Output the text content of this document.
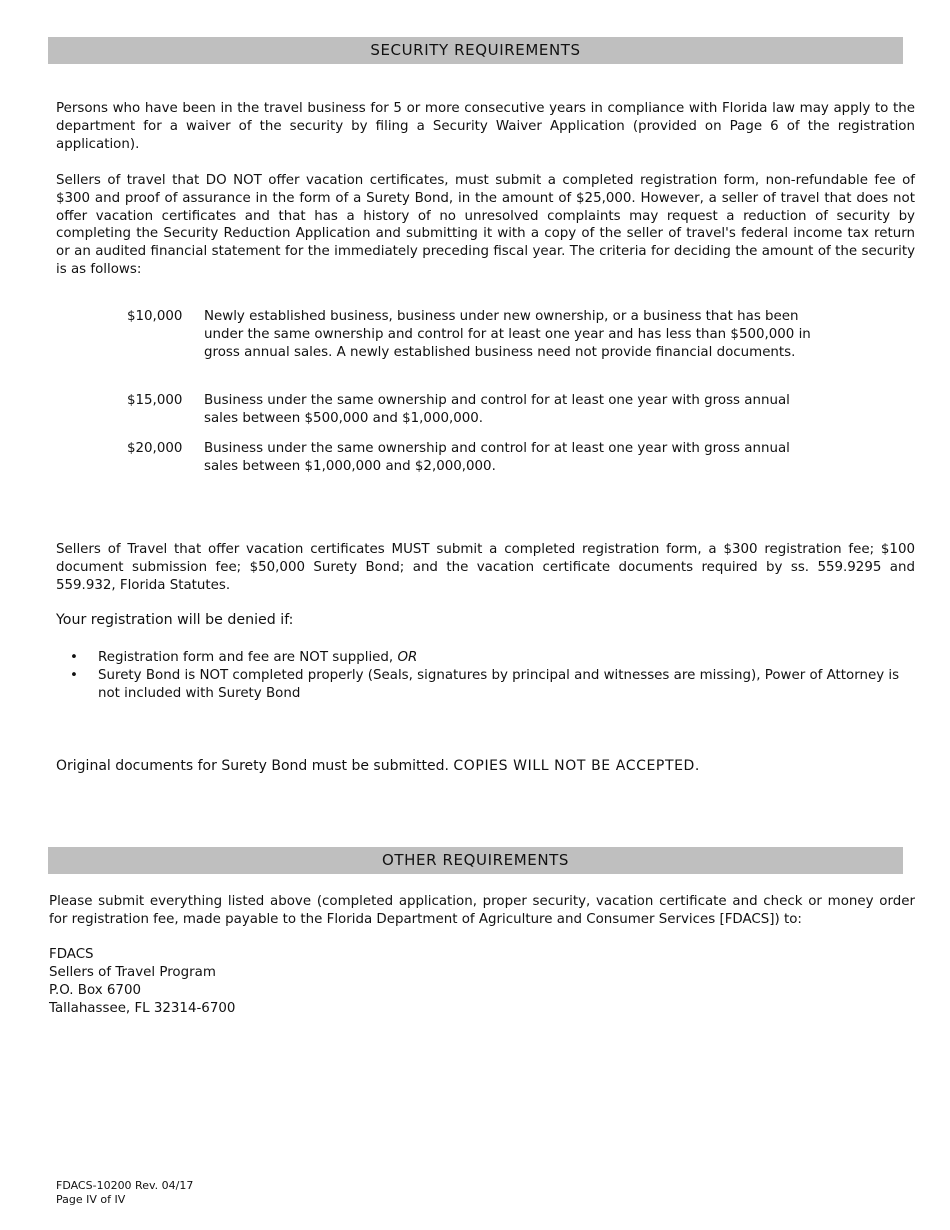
SECURITY REQUIREMENTS

Persons who have been in the travel business for 5 or more consecutive years in compliance with Florida law may apply to the department for a waiver of the security by filing a Security Waiver Application (provided on Page 6 of the registration application).

Sellers of travel that DO NOT offer vacation certificates, must submit a completed registration form, non-refundable fee of $300 and proof of assurance in the form of a Surety Bond, in the amount of $25,000. However, a seller of travel that does not offer vacation certificates and that has a history of no unresolved complaints may request a reduction of security by completing the Security Reduction Application and submitting it with a copy of the seller of travel's federal income tax return or an audited financial statement for the immediately preceding fiscal year. The criteria for deciding the amount of the security is as follows:

$10,000	Newly established business, business under new ownership, or a business that has been under the same ownership and control for at least one year and has less than $500,000 in gross annual sales. A newly established business need not provide financial documents.
$15,000	Business under the same ownership and control for at least one year with gross annual sales between $500,000 and $1,000,000.
$20,000	Business under the same ownership and control for at least one year with gross annual sales between $1,000,000 and $2,000,000.

Sellers of Travel that offer vacation certificates MUST submit a completed registration form, a $300 registration fee; $100 document submission fee; $50,000 Surety Bond; and the vacation certificate documents required by ss. 559.9295 and 559.932, Florida Statutes.

Your registration will be denied if:

• Registration form and fee are NOT supplied, OR
• Surety Bond is NOT completed properly (Seals, signatures by principal and witnesses are missing), Power of Attorney is not included with Surety Bond

Original documents for Surety Bond must be submitted. COPIES WILL NOT BE ACCEPTED.

OTHER REQUIREMENTS

Please submit everything listed above (completed application, proper security, vacation certificate and check or money order for registration fee, made payable to the Florida Department of Agriculture and Consumer Services [FDACS]) to:

FDACS
Sellers of Travel Program
P.O. Box 6700
Tallahassee, FL 32314-6700
FDACS-10200 Rev. 04/17
Page IV of IV
